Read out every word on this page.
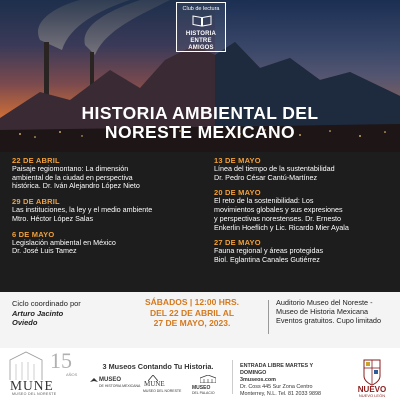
Club de lectura
HISTORIA
ENTRE
AMIGOS
HISTORIA AMBIENTAL DEL
NORESTE MEXICANO
22 DE ABRIL
Paisaje regiomontano: La dimensión
ambiental de la ciudad en perspectiva
histórica. Dr. Iván Alejandro López Nieto
29 DE ABRIL
Las instituciones, la ley y el medio ambiente
Mtro. Héctor López Salas
6 DE MAYO
Legislación ambiental en México
Dr. José Luis Tamez
13 DE MAYO
Línea del tiempo de la sustentabilidad
Dr. Pedro César Cantú-Martínez
20 DE MAYO
El reto de la sostenibilidad: Los
movimientos globales y sus expresiones
y perspectivas norestenses. Dr. Ernesto
Enkerlin Hoeflich y Lic. Ricardo Mier Ayala
27 DE MAYO
Fauna regional y áreas protegidas
Biol. Eglantina Canales Gutiérrez
Ciclo coordinado por
Arturo Jacinto
Oviedo
SÁBADOS | 12:00 HRS.
DEL 22 DE ABRIL AL
27 DE MAYO, 2023.
Auditorio Museo del Noreste -
Museo de Historia Mexicana
Eventos gratuitos. Cupo limitado
15
AÑOS
MUNE
MUSEO DEL NORESTE
3 Museos Contando Tu Historia.
MUSEO
DE HISTORIA MEXICANA MUNE
MUSEO DEL NORESTE MUSEO
DEL PALACIO
ENTRADA LIBRE MARTES Y DOMINGO
3museos.com
Dr. Coss 445 Sur Zona Centro
Monterrey, N.L. Tel. 81 2033 9898	NUEVO
NUEVO LEÓN
